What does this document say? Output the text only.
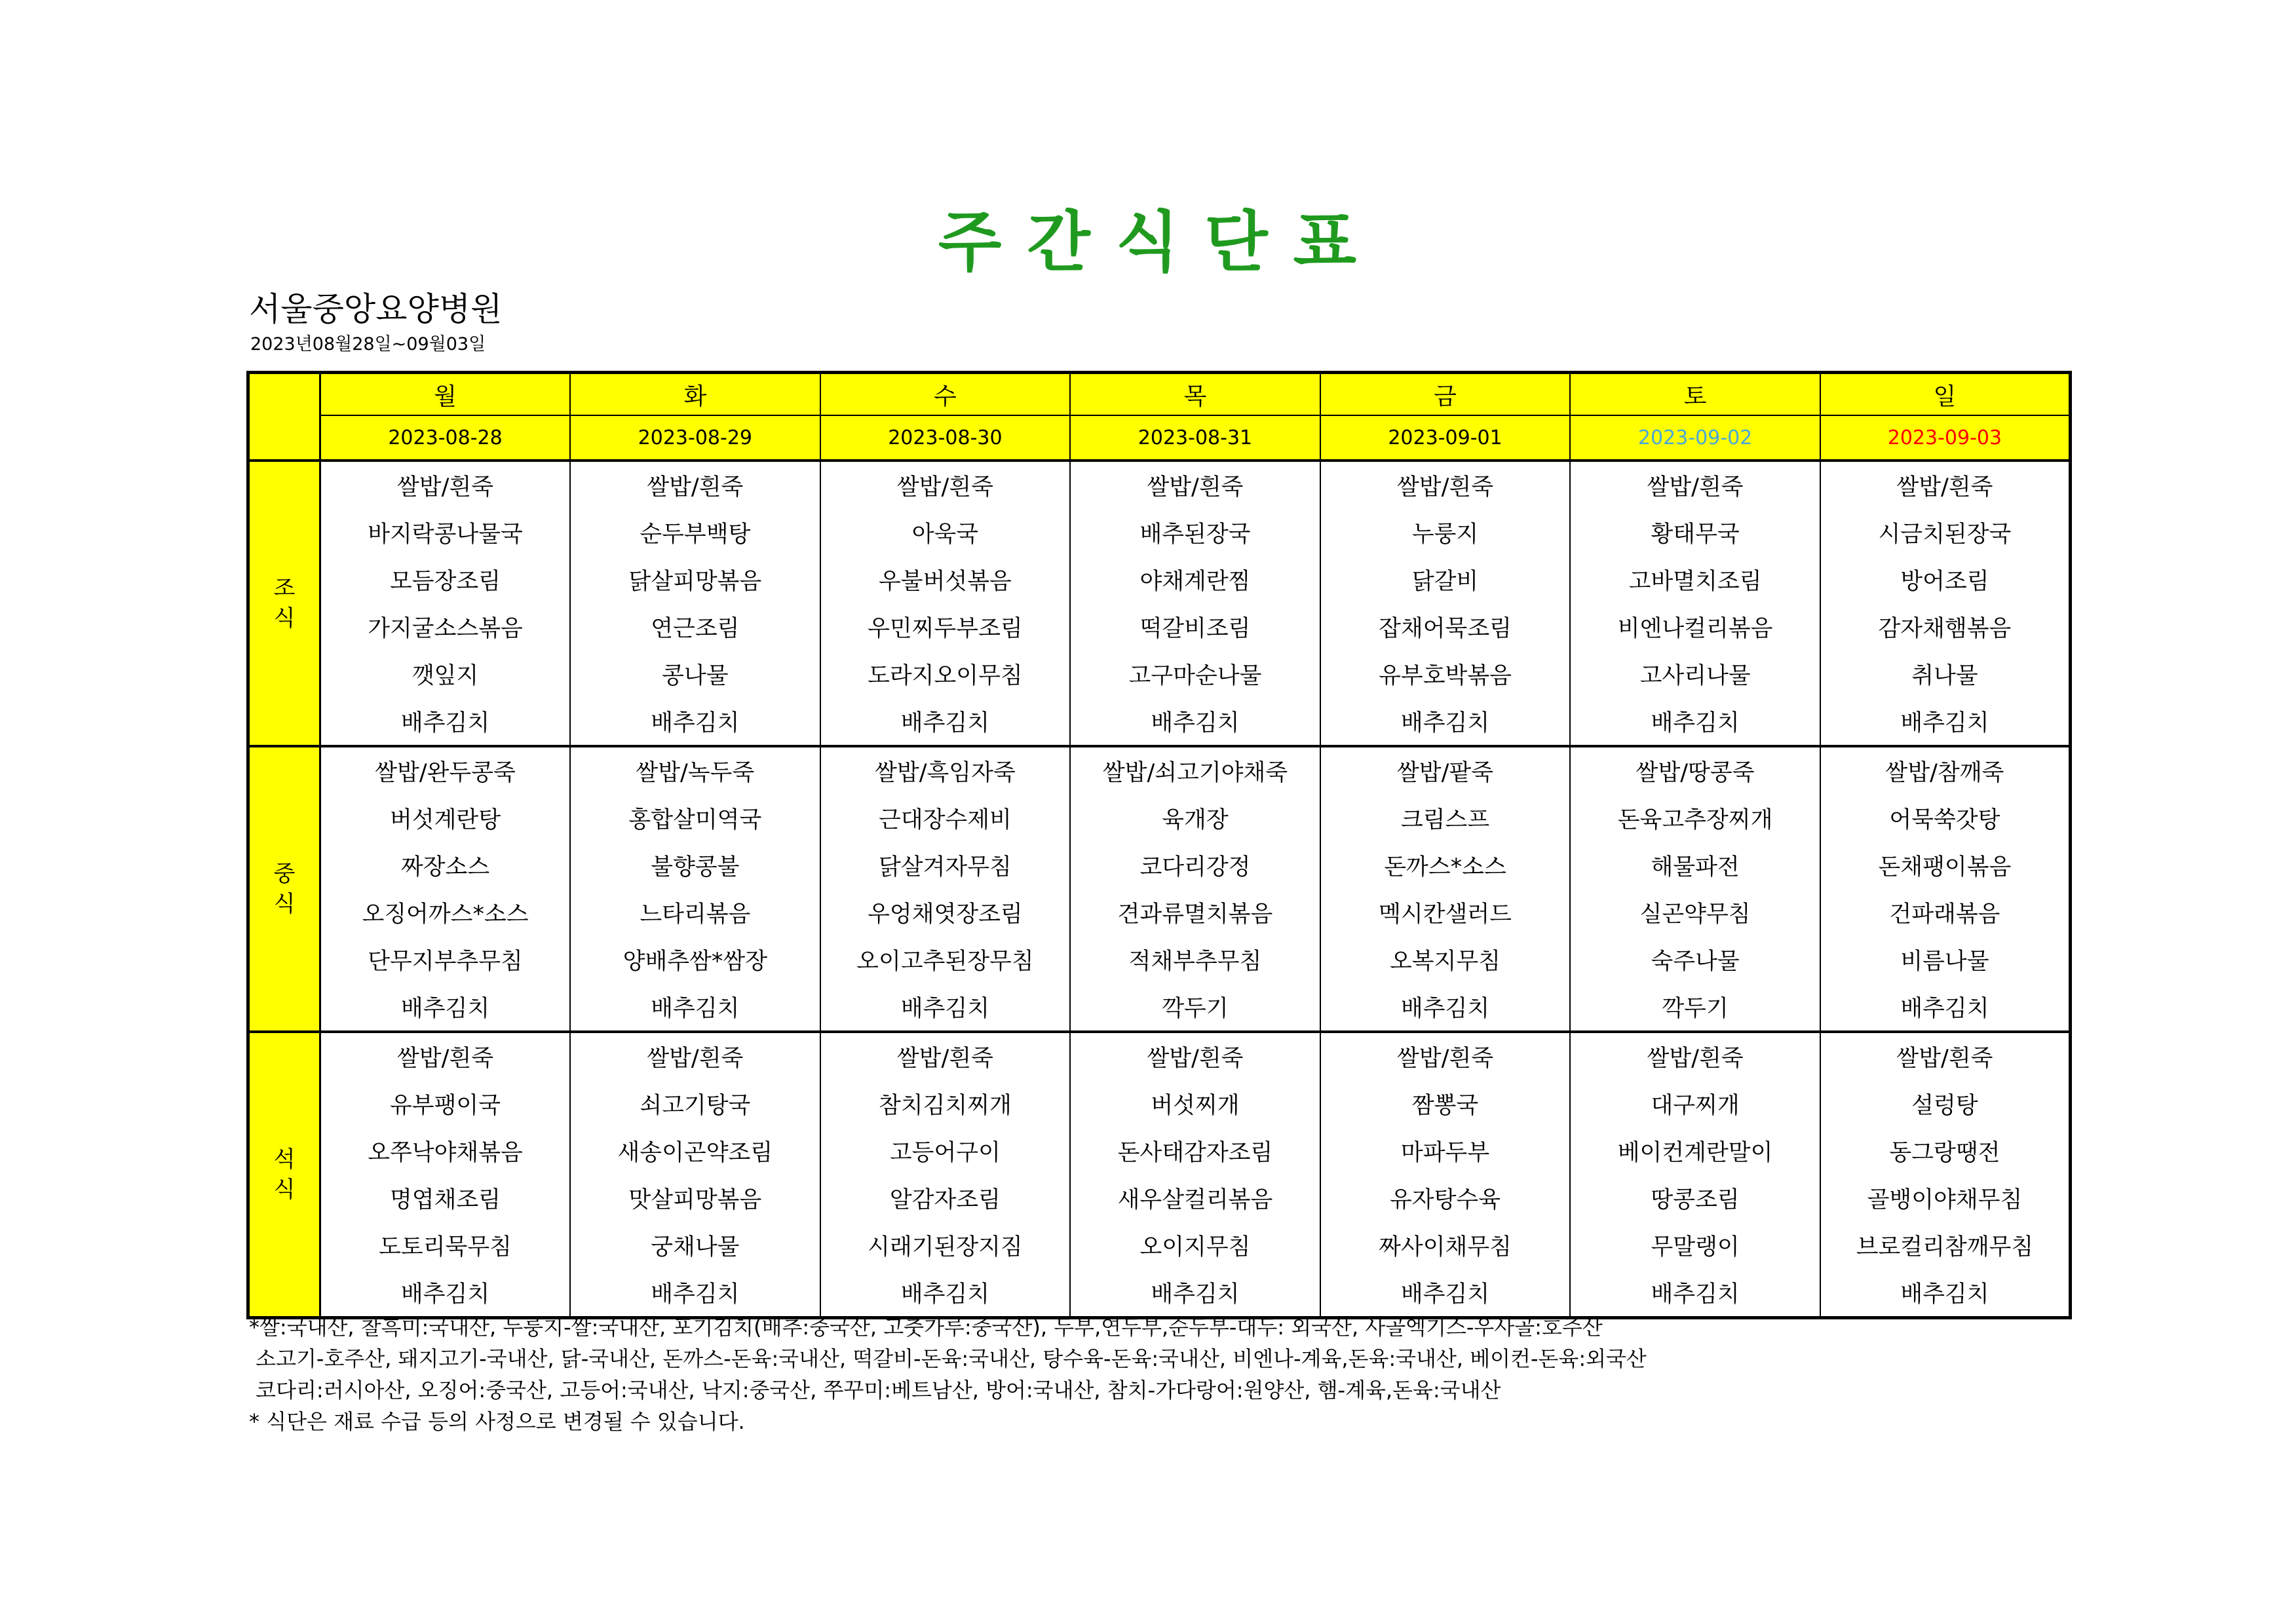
주 간 식 단 표
서울중앙요양병원
2023년08월28일~09월03일
	월	화	수	목	금	토	일
	2023-08-28	2023-08-29	2023-08-30	2023-08-31	2023-09-01	2023-09-02	2023-09-03

조
식	쌀밥/흰죽	쌀밥/흰죽	쌀밥/흰죽	쌀밥/흰죽	쌀밥/흰죽	쌀밥/흰죽	쌀밥/흰죽
	바지락콩나물국	순두부백탕	아욱국	배추된장국	누룽지	황태무국	시금치된장국
	모듬장조림	닭살피망볶음	우불버섯볶음	야채계란찜	닭갈비	고바멸치조림	방어조림
	가지굴소스볶음	연근조림	우민찌두부조림	떡갈비조림	잡채어묵조림	비엔나컬리볶음	감자채햄볶음
	깻잎지	콩나물	도라지오이무침	고구마순나물	유부호박볶음	고사리나물	취나물
	배추김치	배추김치	배추김치	배추김치	배추김치	배추김치	배추김치

중
식	쌀밥/완두콩죽	쌀밥/녹두죽	쌀밥/흑임자죽	쌀밥/쇠고기야채죽	쌀밥/팥죽	쌀밥/땅콩죽	쌀밥/참깨죽
	버섯계란탕	홍합살미역국	근대장수제비	육개장	크림스프	돈육고추장찌개	어묵쑥갓탕
	짜장소스	불향콩불	닭살겨자무침	코다리강정	돈까스*소스	해물파전	돈채팽이볶음
	오징어까스*소스	느타리볶음	우엉채엿장조림	견과류멸치볶음	멕시칸샐러드	실곤약무침	건파래볶음
	단무지부추무침	양배추쌈*쌈장	오이고추된장무침	적채부추무침	오복지무침	숙주나물	비름나물
	배추김치	배추김치	배추김치	깍두기	배추김치	깍두기	배추김치

석
식	쌀밥/흰죽	쌀밥/흰죽	쌀밥/흰죽	쌀밥/흰죽	쌀밥/흰죽	쌀밥/흰죽	쌀밥/흰죽
	유부팽이국	쇠고기탕국	참치김치찌개	버섯찌개	짬뽕국	대구찌개	설렁탕
	오쭈낙야채볶음	새송이곤약조림	고등어구이	돈사태감자조림	마파두부	베이컨계란말이	동그랑땡전
	명엽채조림	맛살피망볶음	알감자조림	새우살컬리볶음	유자탕수육	땅콩조림	골뱅이야채무침
	도토리묵무침	궁채나물	시래기된장지짐	오이지무침	짜사이채무침	무말랭이	브로컬리참깨무침
	배추김치	배추김치	배추김치	배추김치	배추김치	배추김치	배추김치
*쌀:국내산, 찰흑미:국내산, 누룽지-쌀:국내산, 포기김치(배추:중국산, 고춧가루:중국산), 두부,연두부,순두부-대두: 외국산, 사골엑기스-우사골:호주산
소고기-호주산, 돼지고기-국내산, 닭-국내산, 돈까스-돈육:국내산, 떡갈비-돈육:국내산, 탕수육-돈육:국내산, 비엔나-계육,돈육:국내산, 베이컨-돈육:외국산
코다리:러시아산, 오징어:중국산, 고등어:국내산, 낙지:중국산, 쭈꾸미:베트남산, 방어:국내산, 참치-가다랑어:원양산, 햄-계육,돈육:국내산
* 식단은 재료 수급 등의 사정으로 변경될 수 있습니다.
